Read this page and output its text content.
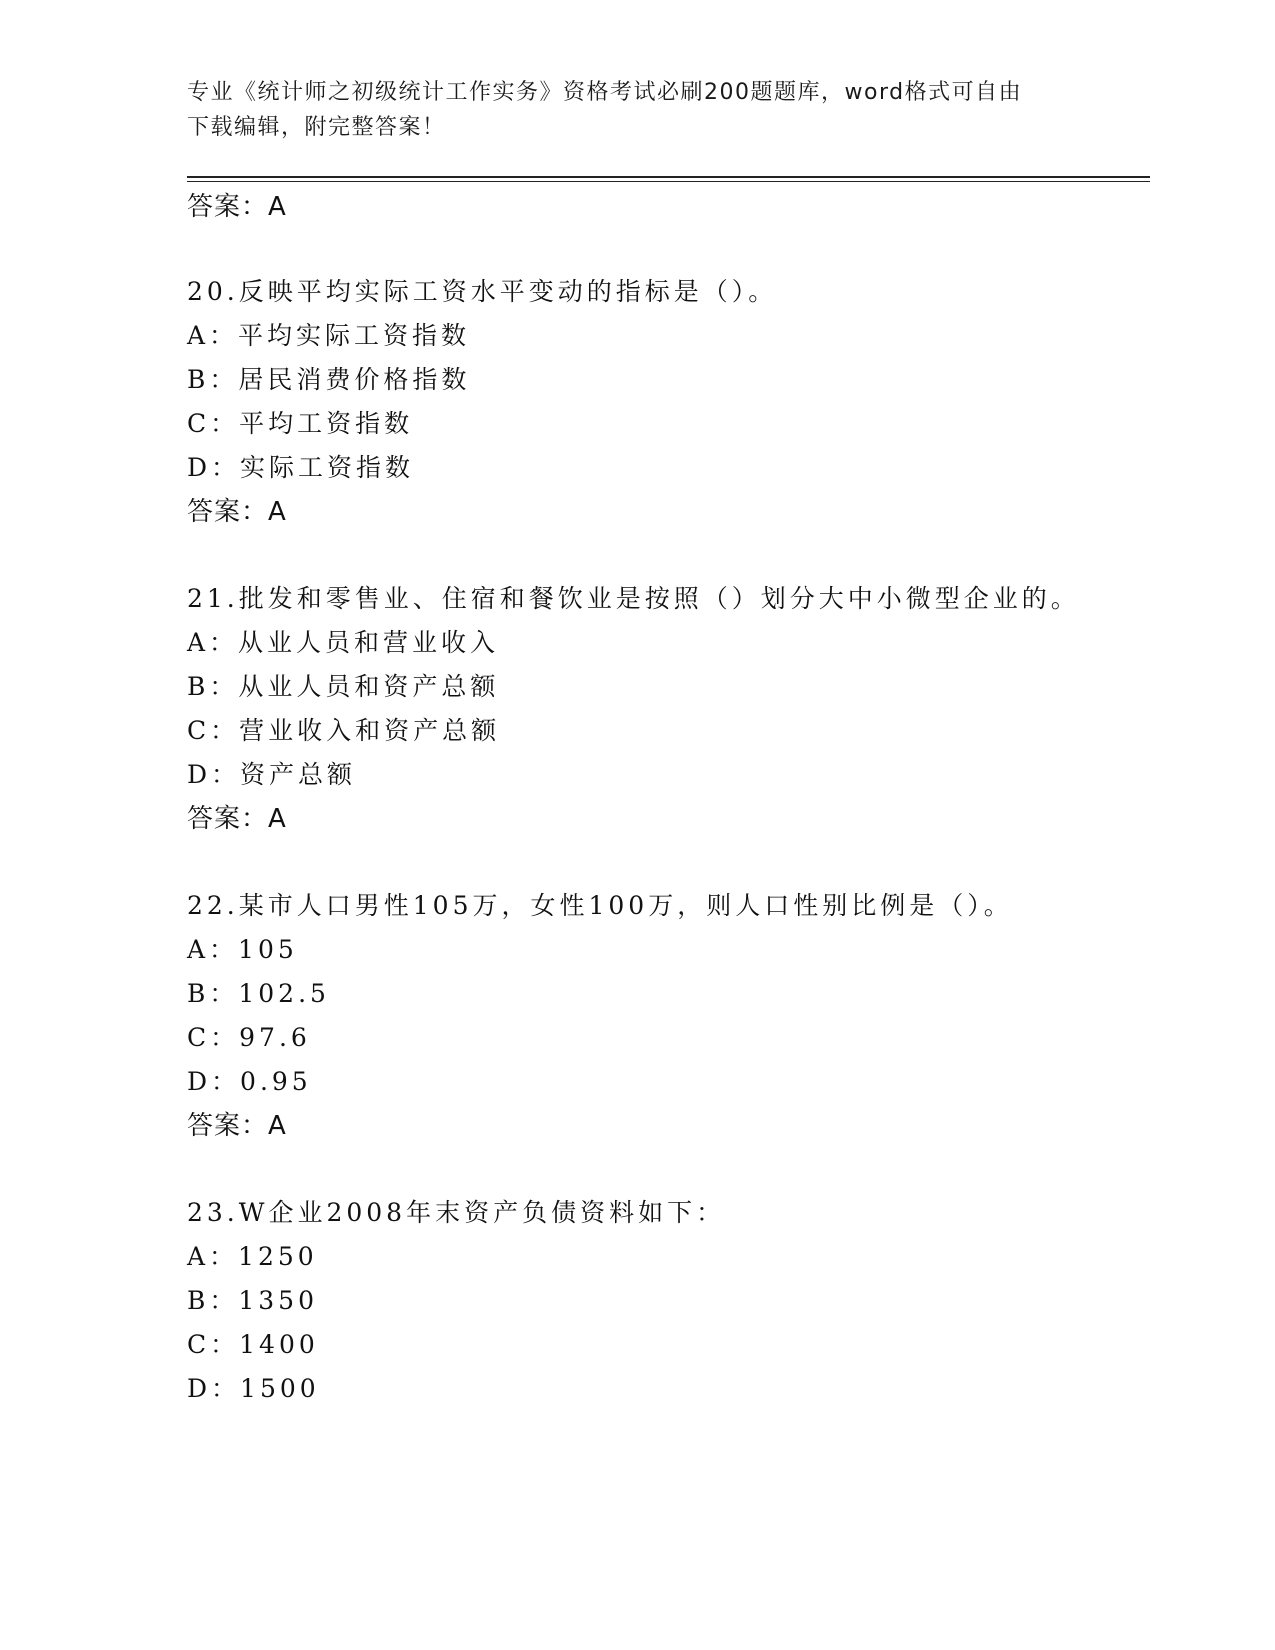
专业《统计师之初级统计工作实务》资格考试必刷200题题库，word格式可自由
下载编辑，附完整答案！
答案：A
20.反映平均实际工资水平变动的指标是（）。
A：平均实际工资指数
B：居民消费价格指数
C：平均工资指数
D：实际工资指数
答案：A
21.批发和零售业、住宿和餐饮业是按照（）划分大中小微型企业的。
A：从业人员和营业收入
B：从业人员和资产总额
C：营业收入和资产总额
D：资产总额
答案：A
22.某市人口男性105万，女性100万，则人口性别比例是（）。
A：105
B：102.5
C：97.6
D：0.95
答案：A
23.W企业2008年末资产负债资料如下：
A：1250
B：1350
C：1400
D：1500
